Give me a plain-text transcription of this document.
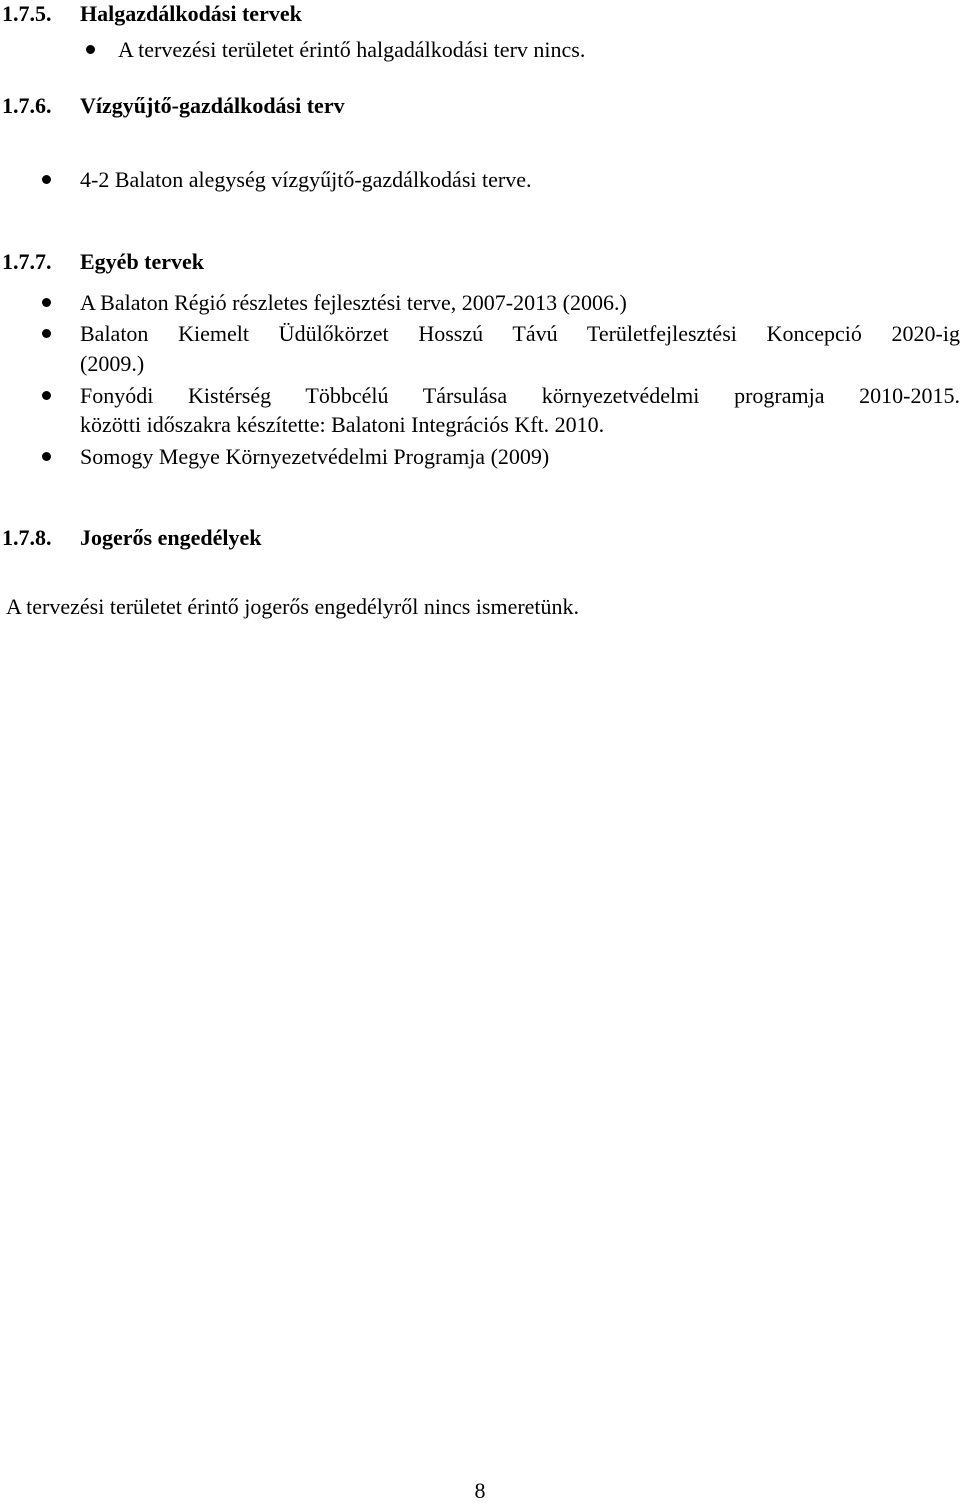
1.7.5. Halgazdálkodási tervek
A tervezési területet érintő halgadálkodási terv nincs.
1.7.6. Vízgyűjtő-gazdálkodási terv
4-2 Balaton alegység vízgyűjtő-gazdálkodási terve.
1.7.7. Egyéb tervek
A Balaton Régió részletes fejlesztési terve, 2007-2013 (2006.)
Balaton Kiemelt Üdülőkörzet Hosszú Távú Területfejlesztési Koncepció 2020-ig
(2009.)
Fonyódi Kistérség Többcélú Társulása környezetvédelmi programja 2010-2015.
közötti időszakra készítette: Balatoni Integrációs Kft. 2010.
Somogy Megye Környezetvédelmi Programja (2009)
1.7.8. Jogerős engedélyek
A tervezési területet érintő jogerős engedélyről nincs ismeretünk.
8
